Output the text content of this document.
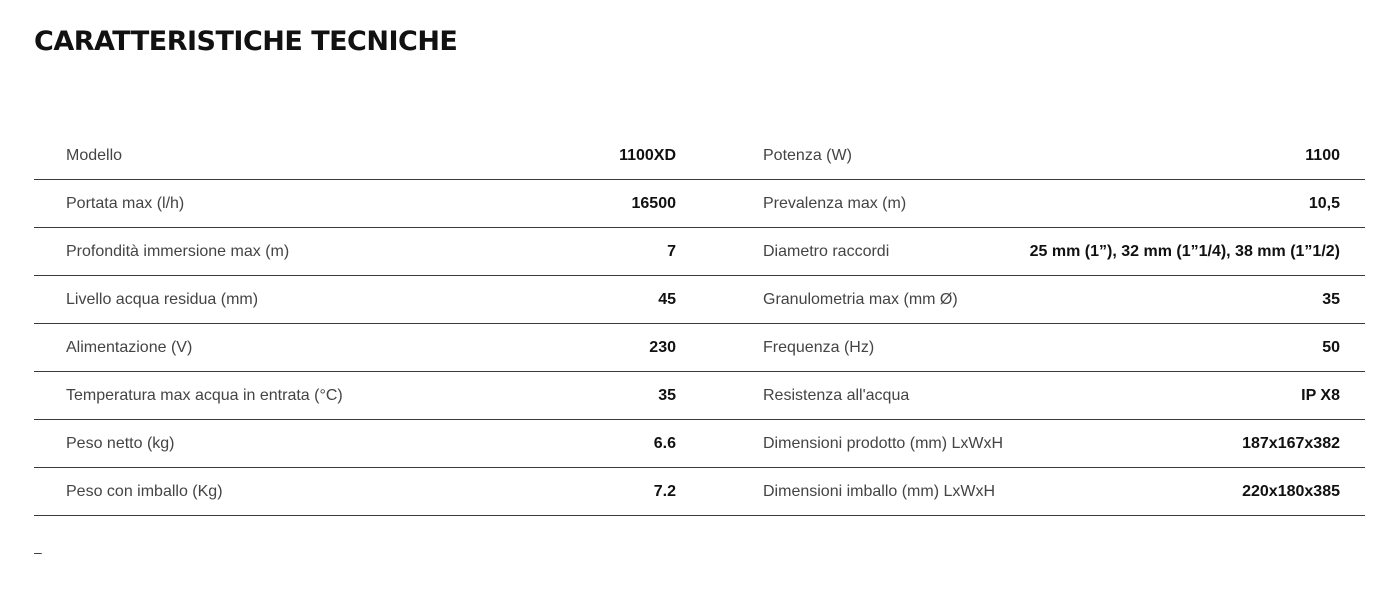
CARATTERISTICHE TECNICHE
Modello	1100XD	Potenza (W)	1100
Portata max (l/h)	16500	Prevalenza max (m)	10,5
Profondità immersione max (m)	7	Diametro raccordi	25 mm (1”), 32 mm (1”1/4), 38 mm (1”1/2)
Livello acqua residua (mm)	45	Granulometria max (mm Ø)	35
Alimentazione (V)	230	Frequenza (Hz)	50
Temperatura max acqua in entrata (°C)	35	Resistenza all'acqua	IP X8
Peso netto (kg)	6.6	Dimensioni prodotto (mm) LxWxH	187x167x382
Peso con imballo (Kg)	7.2	Dimensioni imballo (mm) LxWxH	220x180x385
–
